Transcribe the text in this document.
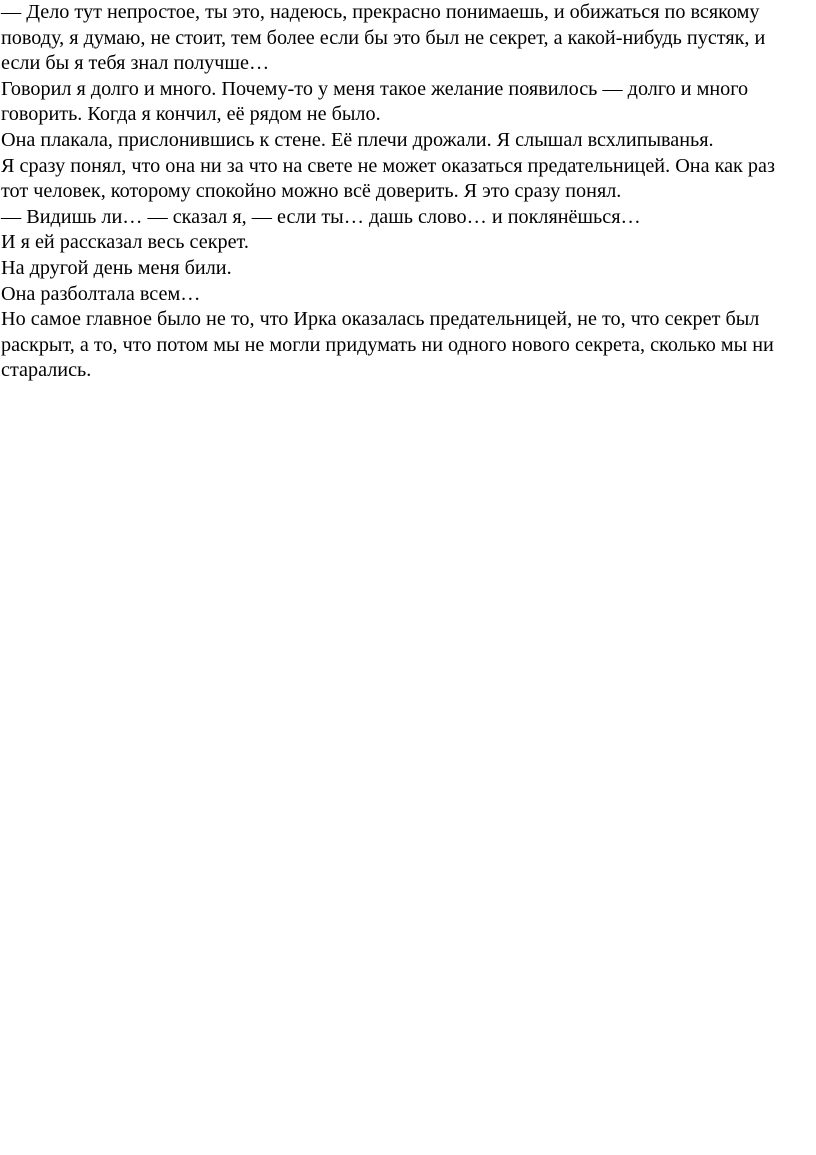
— Дело тут непростое, ты это, надеюсь, прекрасно понимаешь, и обижаться по всякому поводу, я думаю, не стоит, тем более если бы это был не секрет, а какой-нибудь пустяк, и если бы я тебя знал получше…

Говорил я долго и много. Почему-то у меня такое желание появилось — долго и много говорить. Когда я кончил, её рядом не было.

Она плакала, прислонившись к стене. Её плечи дрожали. Я слышал всхлипыванья.

Я сразу понял, что она ни за что на свете не может оказаться предательницей. Она как раз тот человек, которому спокойно можно всё доверить. Я это сразу понял.

— Видишь ли… — сказал я, — если ты… дашь слово… и поклянёшься…

И я ей рассказал весь секрет.

На другой день меня били.

Она разболтала всем…

Но самое главное было не то, что Ирка оказалась предательницей, не то, что секрет был раскрыт, а то, что потом мы не могли придумать ни одного нового секрета, сколько мы ни старались.
